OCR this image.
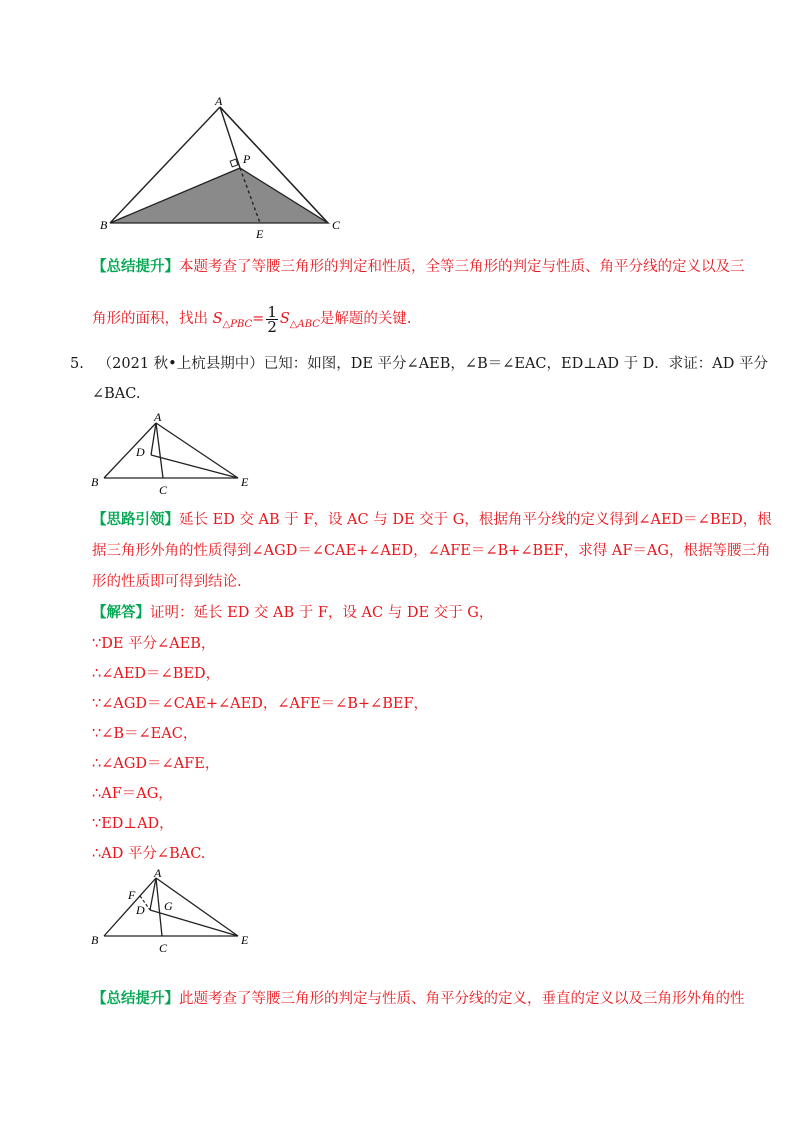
A
P
B
E
C
【总结提升】本题考查了等腰三角形的判定和性质，全等三角形的判定与性质、角平分线的定义以及三
角形的面积，找出 $S_{\triangle PBC}= \frac{1}{2} S_{\triangle ABC}$是解题的关键.
5. （2021 秋•上杭县期中）已知：如图，DE 平分∠AEB，∠B＝∠EAC，ED⊥AD 于 D．求证：AD 平分
∠BAC.
A
D
B
C
E
【思路引领】延长 ED 交 AB 于 F，设 AC 与 DE 交于 G，根据角平分线的定义得到∠AED＝∠BED，根
据三角形外角的性质得到∠AGD＝∠CAE+∠AED，∠AFE＝∠B+∠BEF，求得 AF＝AG，根据等腰三角
形的性质即可得到结论.
【解答】证明：延长 ED 交 AB 于 F，设 AC 与 DE 交于 G，
∵DE 平分∠AEB，
∴∠AED＝∠BED，
∵∠AGD＝∠CAE+∠AED，∠AFE＝∠B+∠BEF，
∵∠B＝∠EAC，
∴∠AGD＝∠AFE，
∴AF＝AG，
∵ED⊥AD，
∴AD 平分∠BAC.
A
F
D G
B
C
E
【总结提升】此题考查了等腰三角形的判定与性质、角平分线的定义，垂直的定义以及三角形外角的性
